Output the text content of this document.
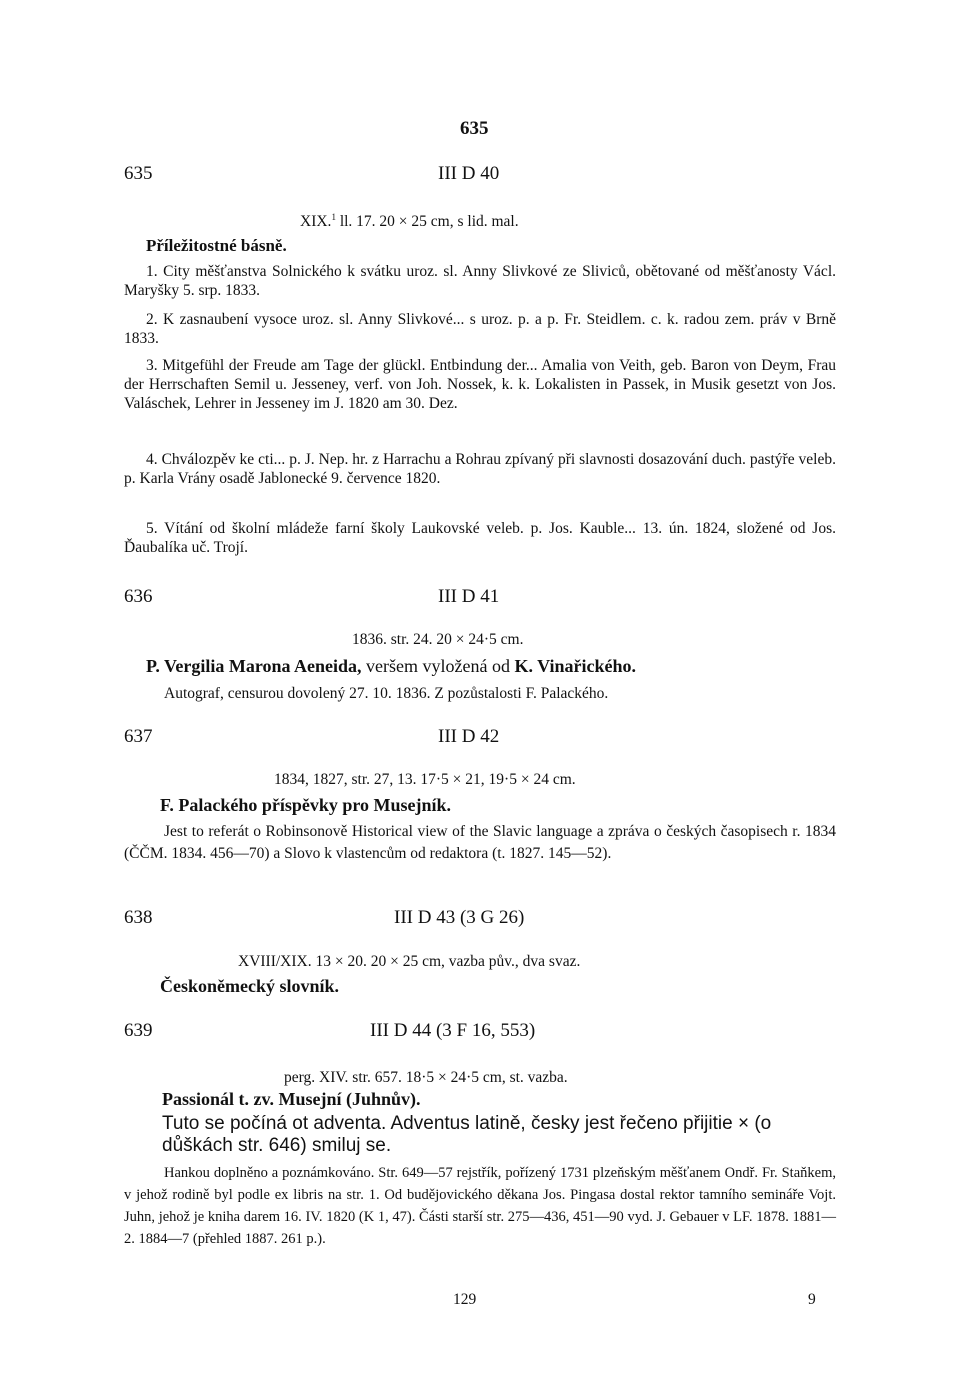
635
635	III D 40
XIX.$^1$ ll. 17. 20 × 25 cm, s lid. mal.
Příležitostné básně.
1. City měšťanstva Solnického k svátku uroz. sl. Anny Slivkové ze Sliviců, obětované od měšťanosty Václ. Maryšky 5. srp. 1833.
2. K zasnaubení vysoce uroz. sl. Anny Slivkové... s uroz. p. a p. Fr. Steidlem. c. k. radou zem. práv v Brně 1833.
3. Mitgefühl der Freude am Tage der glückl. Entbindung der... Amalia von Veith, geb. Baron von Deym, Frau der Herrschaften Semil u. Jesseney, verf. von Joh. Nossek, k. k. Lokalisten in Passek, in Musik gesetzt von Jos. Valáschek, Lehrer in Jesseney im J. 1820 am 30. Dez.
4. Chválozpěv ke cti... p. J. Nep. hr. z Harrachu a Rohrau zpívaný při slavnosti dosazování duch. pastýře veleb. p. Karla Vrány osadě Jablonecké 9. července 1820.
5. Vítání od školní mládeže farní školy Laukovské veleb. p. Jos. Kauble... 13. ún. 1824, složené od Jos. Ďaubalíka uč. Trojí.
636	III D 41
1836. str. 24. 20 × 24·5 cm.
P. Vergilia Marona Aeneida, veršem vyložená od K. Vinařického.
Autograf, censurou dovolený 27. 10. 1836. Z pozůstalosti F. Palackého.
637	III D 42
1834, 1827, str. 27, 13. 17·5 × 21, 19·5 × 24 cm.
F. Palackého příspěvky pro Musejník.
Jest to referát o Robinsonově Historical view of the Slavic language a zpráva o českých časopisech r. 1834 (ČČM. 1834. 456—70) a Slovo k vlastencům od redaktora (t. 1827. 145—52).
638	III D 43 (3 G 26)
XVIII/XIX. 13 × 20. 20 × 25 cm, vazba pův., dva svaz.
Českoněmecký slovník.
639	III D 44 (3 F 16, 553)
perg. XIV. str. 657. 18·5 × 24·5 cm, st. vazba.
Passionál t. zv. Musejní (Juhnův).
Tuto se počíná ot adventa. Adventus latině, česky jest řečeno přijitie × (o důškách str. 646) smiluj se.
Hankou doplněno a poznámkováno. Str. 649—57 rejstřík, pořízený 1731 plzeňským měšťanem Ondř. Fr. Staňkem, v jehož rodině byl podle ex libris na str. 1. Od budějovického děkana Jos. Pingasa dostal rektor tamního semináře Vojt. Juhn, jehož je kniha darem 16. IV. 1820 (K 1, 47). Části starší str. 275—436, 451—90 vyd. J. Gebauer v LF. 1878. 1881—2. 1884—7 (přehled 1887. 261 p.).
129	9
